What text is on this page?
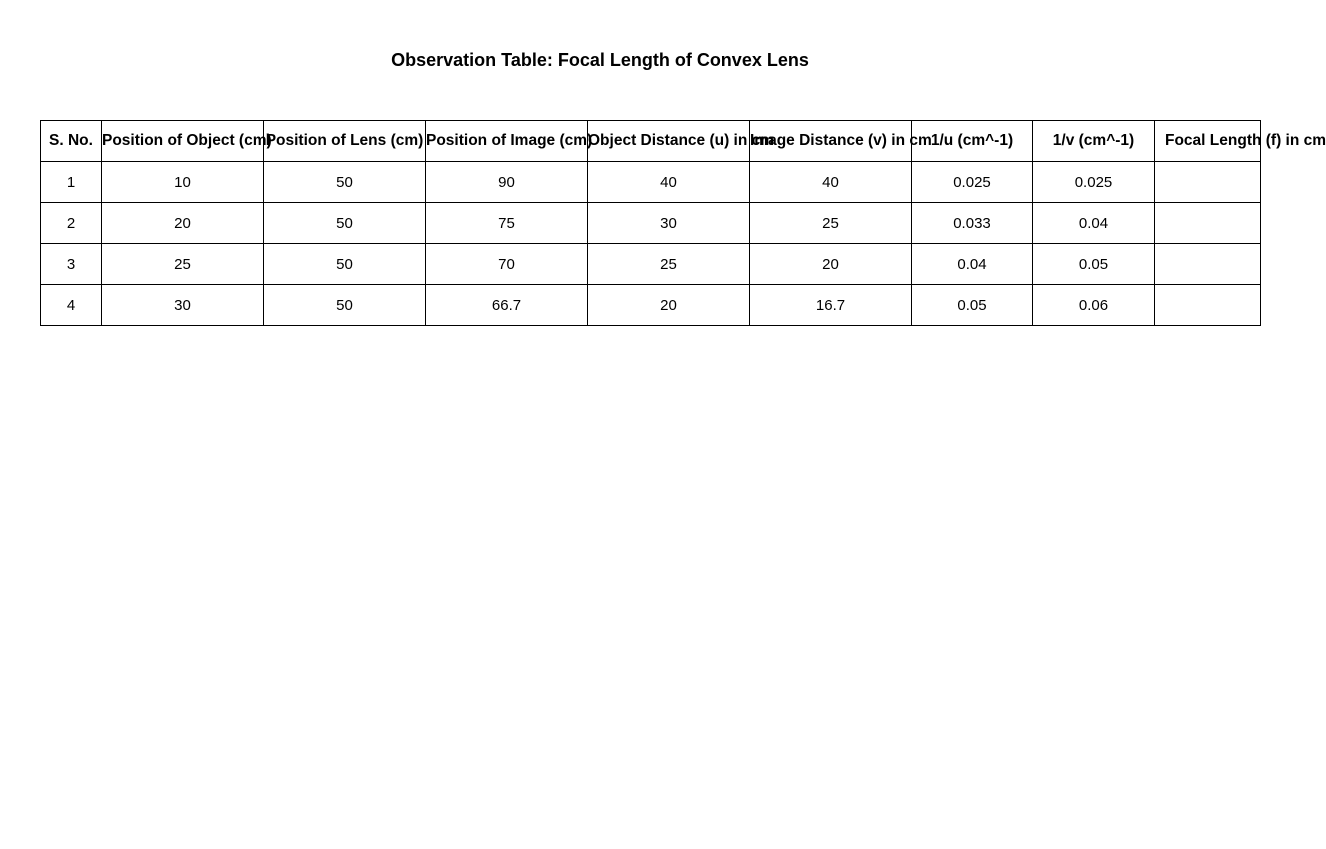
Observation Table: Focal Length of Convex Lens
S. No.	Position of Object (cm)	Position of Lens (cm)	Position of Image (cm)	Object Distance (u) in cm	Image Distance (v) in cm	1/u (cm^-1)	1/v (cm^-1)	Focal Length (f) in cm
1	10	50	90	40	40	0.025	0.025	
2	20	50	75	30	25	0.033	0.04	
3	25	50	70	25	20	0.04	0.05	
4	30	50	66.7	20	16.7	0.05	0.06	
